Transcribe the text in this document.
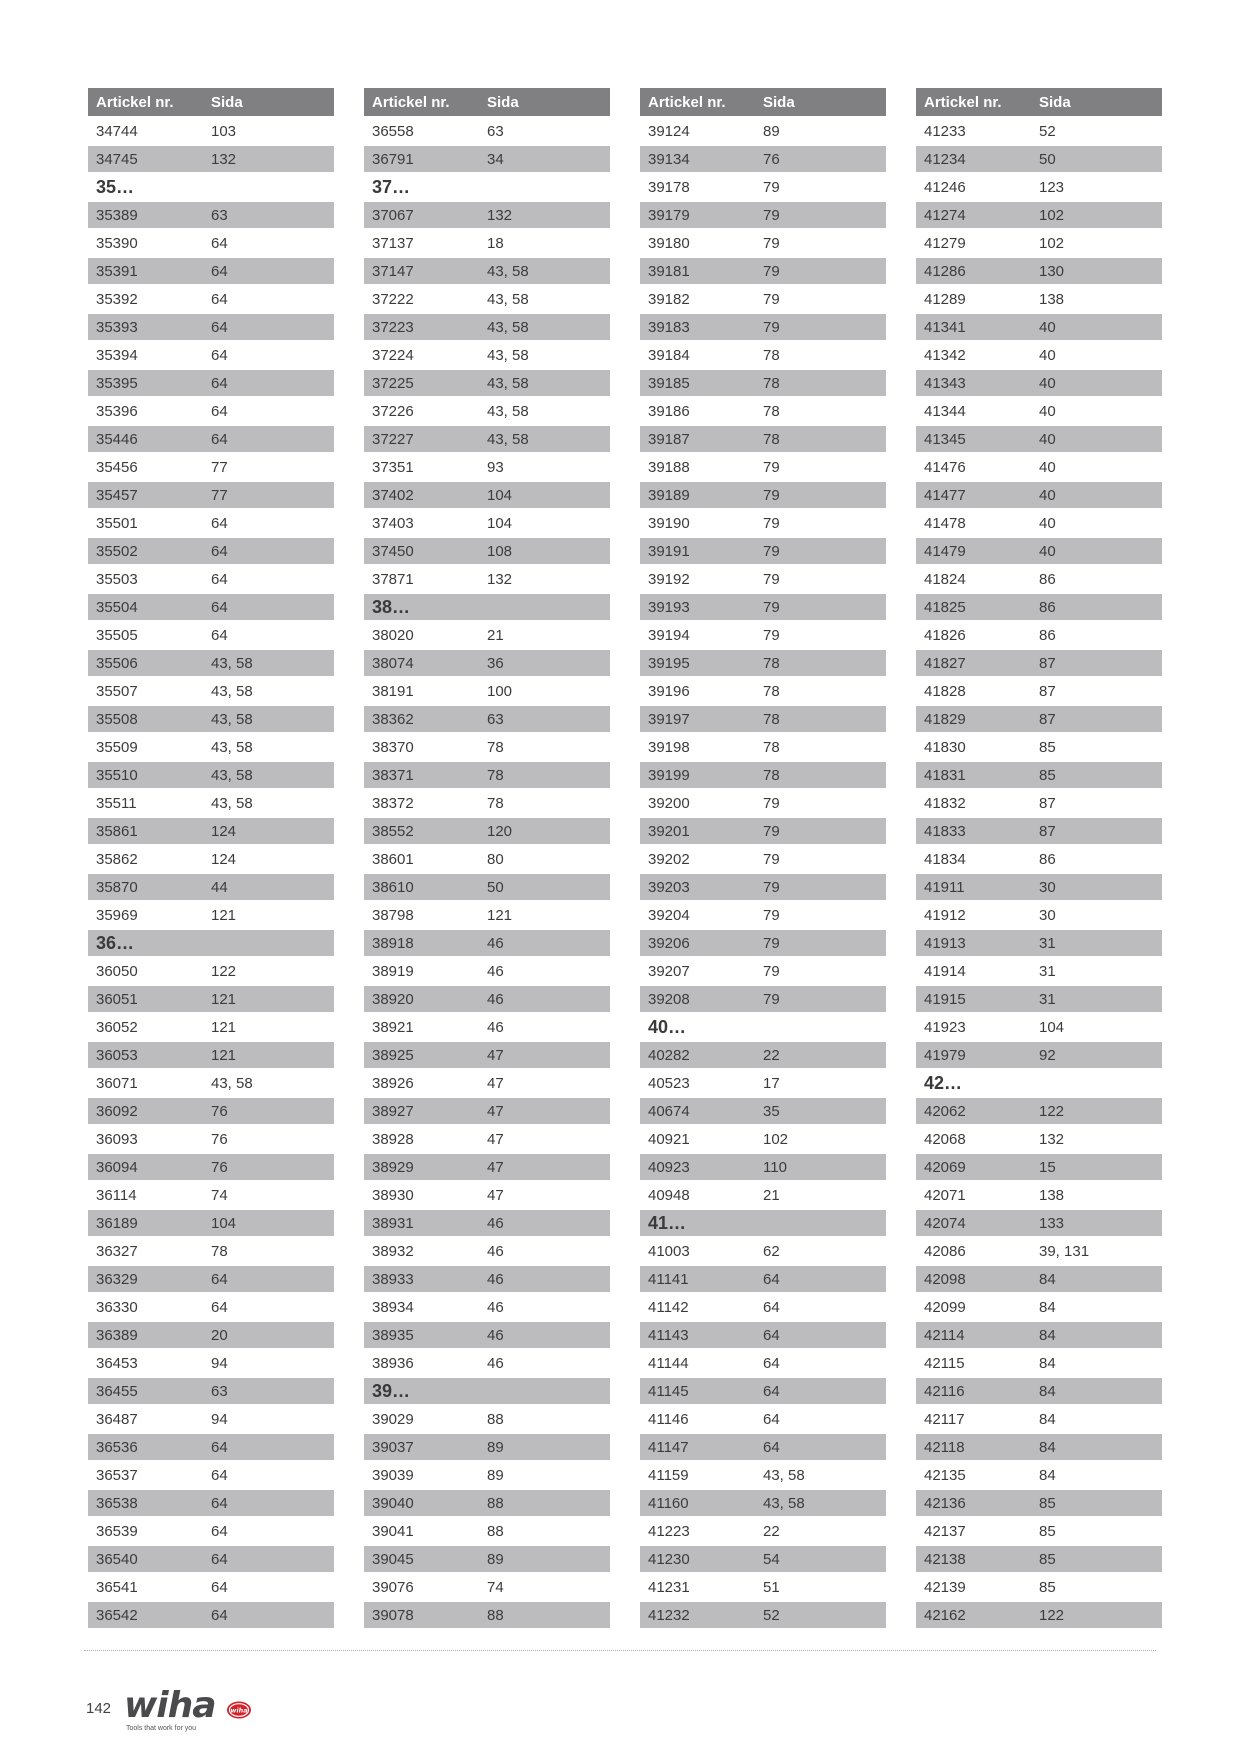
Artickel nr.	Sida
34744	103
34745	132
35…
35389	63
35390	64
35391	64
35392	64
35393	64
35394	64
35395	64
35396	64
35446	64
35456	77
35457	77
35501	64
35502	64
35503	64
35504	64
35505	64
35506	43, 58
35507	43, 58
35508	43, 58
35509	43, 58
35510	43, 58
35511	43, 58
35861	124
35862	124
35870	44
35969	121
36…
36050	122
36051	121
36052	121
36053	121
36071	43, 58
36092	76
36093	76
36094	76
36114	74
36189	104
36327	78
36329	64
36330	64
36389	20
36453	94
36455	63
36487	94
36536	64
36537	64
36538	64
36539	64
36540	64
36541	64
36542	64
Artickel nr.	Sida
36558	63
36791	34
37…
37067	132
37137	18
37147	43, 58
37222	43, 58
37223	43, 58
37224	43, 58
37225	43, 58
37226	43, 58
37227	43, 58
37351	93
37402	104
37403	104
37450	108
37871	132
38…
38020	21
38074	36
38191	100
38362	63
38370	78
38371	78
38372	78
38552	120
38601	80
38610	50
38798	121
38918	46
38919	46
38920	46
38921	46
38925	47
38926	47
38927	47
38928	47
38929	47
38930	47
38931	46
38932	46
38933	46
38934	46
38935	46
38936	46
39…
39029	88
39037	89
39039	89
39040	88
39041	88
39045	89
39076	74
39078	88
Artickel nr.	Sida
39124	89
39134	76
39178	79
39179	79
39180	79
39181	79
39182	79
39183	79
39184	78
39185	78
39186	78
39187	78
39188	79
39189	79
39190	79
39191	79
39192	79
39193	79
39194	79
39195	78
39196	78
39197	78
39198	78
39199	78
39200	79
39201	79
39202	79
39203	79
39204	79
39206	79
39207	79
39208	79
40…
40282	22
40523	17
40674	35
40921	102
40923	110
40948	21
41…
41003	62
41141	64
41142	64
41143	64
41144	64
41145	64
41146	64
41147	64
41159	43, 58
41160	43, 58
41223	22
41230	54
41231	51
41232	52
Artickel nr.	Sida
41233	52
41234	50
41246	123
41274	102
41279	102
41286	130
41289	138
41341	40
41342	40
41343	40
41344	40
41345	40
41476	40
41477	40
41478	40
41479	40
41824	86
41825	86
41826	86
41827	87
41828	87
41829	87
41830	85
41831	85
41832	87
41833	87
41834	86
41911	30
41912	30
41913	31
41914	31
41915	31
41923	104
41979	92
42…
42062	122
42068	132
42069	15
42071	138
42074	133
42086	39, 131
42098	84
42099	84
42114	84
42115	84
42116	84
42117	84
42118	84
42135	84
42136	85
42137	85
42138	85
42139	85
42162	122
142 wiha wiha
Tools that work for you
